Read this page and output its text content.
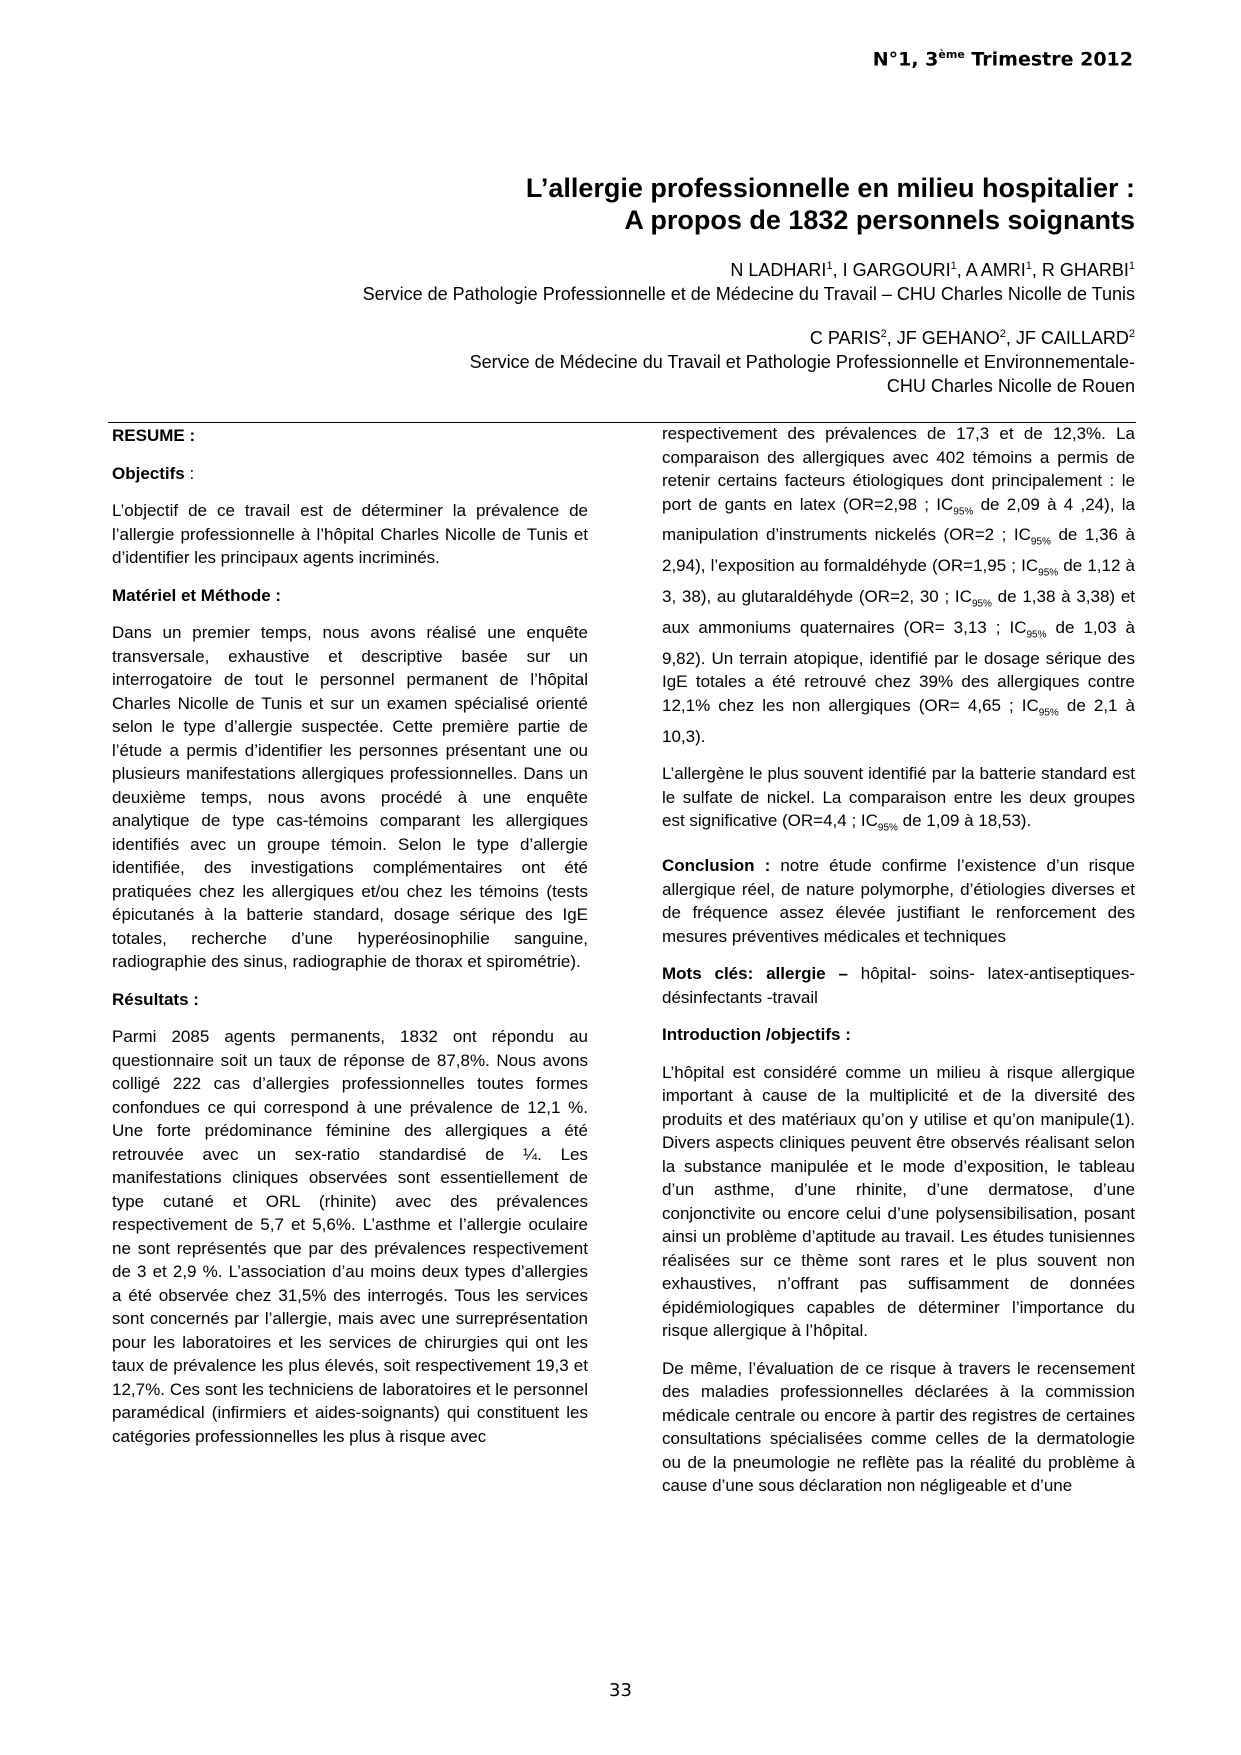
N°1, 3ème Trimestre 2012
L’allergie professionnelle en milieu hospitalier :
A propos de 1832 personnels soignants
N LADHARI$^1$, I GARGOURI$^1$, A AMRI$^1$, R GHARBI$^1$
Service de Pathologie Professionnelle et de Médecine du Travail – CHU Charles Nicolle de Tunis
C PARIS$^2$, JF GEHANO$^2$, JF CAILLARD$^2$
Service de Médecine du Travail et Pathologie Professionnelle et Environnementale-
CHU Charles Nicolle de Rouen
RESUME :

Objectifs :

L’objectif de ce travail est de déterminer la prévalence de l’allergie professionnelle à l’hôpital Charles Nicolle de Tunis et d’identifier les principaux agents incriminés.

Matériel et Méthode :

Dans un premier temps, nous avons réalisé une enquête transversale, exhaustive et descriptive basée sur un interrogatoire de tout le personnel permanent de l’hôpital Charles Nicolle de Tunis et sur un examen spécialisé orienté selon le type d’allergie suspectée. Cette première partie de l’étude a permis d’identifier les personnes présentant une ou plusieurs manifestations allergiques professionnelles. Dans un deuxième temps, nous avons procédé à une enquête analytique de type cas-témoins comparant les allergiques identifiés avec un groupe témoin. Selon le type d’allergie identifiée, des investigations complémentaires ont été pratiquées chez les allergiques et/ou chez les témoins (tests épicutanés à la batterie standard, dosage sérique des IgE totales, recherche d’une hyperéosinophilie sanguine, radiographie des sinus, radiographie de thorax et spirométrie).

Résultats :

Parmi 2085 agents permanents, 1832 ont répondu au questionnaire soit un taux de réponse de 87,8%. Nous avons colligé 222 cas d’allergies professionnelles toutes formes confondues ce qui correspond à une prévalence de 12,1 %. Une forte prédominance féminine des allergiques a été retrouvée avec un sex-ratio standardisé de ¼. Les manifestations cliniques observées sont essentiellement de type cutané et ORL (rhinite) avec des prévalences respectivement de 5,7 et 5,6%. L’asthme et l’allergie oculaire ne sont représentés que par des prévalences respectivement de 3 et 2,9 %. L’association d’au moins deux types d’allergies a été observée chez 31,5% des interrogés. Tous les services sont concernés par l’allergie, mais avec une surreprésentation pour les laboratoires et les services de chirurgies qui ont les taux de prévalence les plus élevés, soit respectivement 19,3 et 12,7%. Ces sont les techniciens de laboratoires et le personnel paramédical (infirmiers et aides-soignants) qui constituent les catégories professionnelles les plus à risque avec

respectivement des prévalences de 17,3 et de 12,3%. La comparaison des allergiques avec 402 témoins a permis de retenir certains facteurs étiologiques dont principalement : le port de gants en latex (OR=2,98 ; $IC_{95\%}$ de 2,09 à 4 ,24), la manipulation d’instruments nickelés (OR=2 ; $IC_{95\%}$ de 1,36 à 2,94), l’exposition au formaldéhyde (OR=1,95 ; $IC_{95\%}$ de 1,12 à 3, 38), au glutaraldéhyde (OR=2, 30 ; $IC_{95\%}$ de 1,38 à 3,38) et aux ammoniums quaternaires (OR= 3,13 ; $IC_{95\%}$ de 1,03 à 9,82). Un terrain atopique, identifié par le dosage sérique des IgE totales a été retrouvé chez 39% des allergiques contre 12,1% chez les non allergiques (OR= 4,65 ; $IC_{95\%}$ de 2,1 à 10,3).

L’allergène le plus souvent identifié par la batterie standard est le sulfate de nickel. La comparaison entre les deux groupes est significative (OR=4,4 ; $IC_{95\%}$ de 1,09 à 18,53).

Conclusion : notre étude confirme l’existence d’un risque allergique réel, de nature polymorphe, d’étiologies diverses et de fréquence assez élevée justifiant le renforcement des mesures préventives médicales et techniques

Mots clés: allergie – hôpital- soins- latex-antiseptiques- désinfectants -travail

Introduction /objectifs :

L’hôpital est considéré comme un milieu à risque allergique important à cause de la multiplicité et de la diversité des produits et des matériaux qu’on y utilise et qu’on manipule(1). Divers aspects cliniques peuvent être observés réalisant selon la substance manipulée et le mode d’exposition, le tableau d’un asthme, d’une rhinite, d’une dermatose, d’une conjonctivite ou encore celui d’une polysensibilisation, posant ainsi un problème d’aptitude au travail. Les études tunisiennes réalisées sur ce thème sont rares et le plus souvent non exhaustives, n’offrant pas suffisamment de données épidémiologiques capables de déterminer l’importance du risque allergique à l’hôpital.

De même, l’évaluation de ce risque à travers le recensement des maladies professionnelles déclarées à la commission médicale centrale ou encore à partir des registres de certaines consultations spécialisées comme celles de la dermatologie ou de la pneumologie ne reflète pas la réalité du problème à cause d’une sous déclaration non négligeable et d’une

33
